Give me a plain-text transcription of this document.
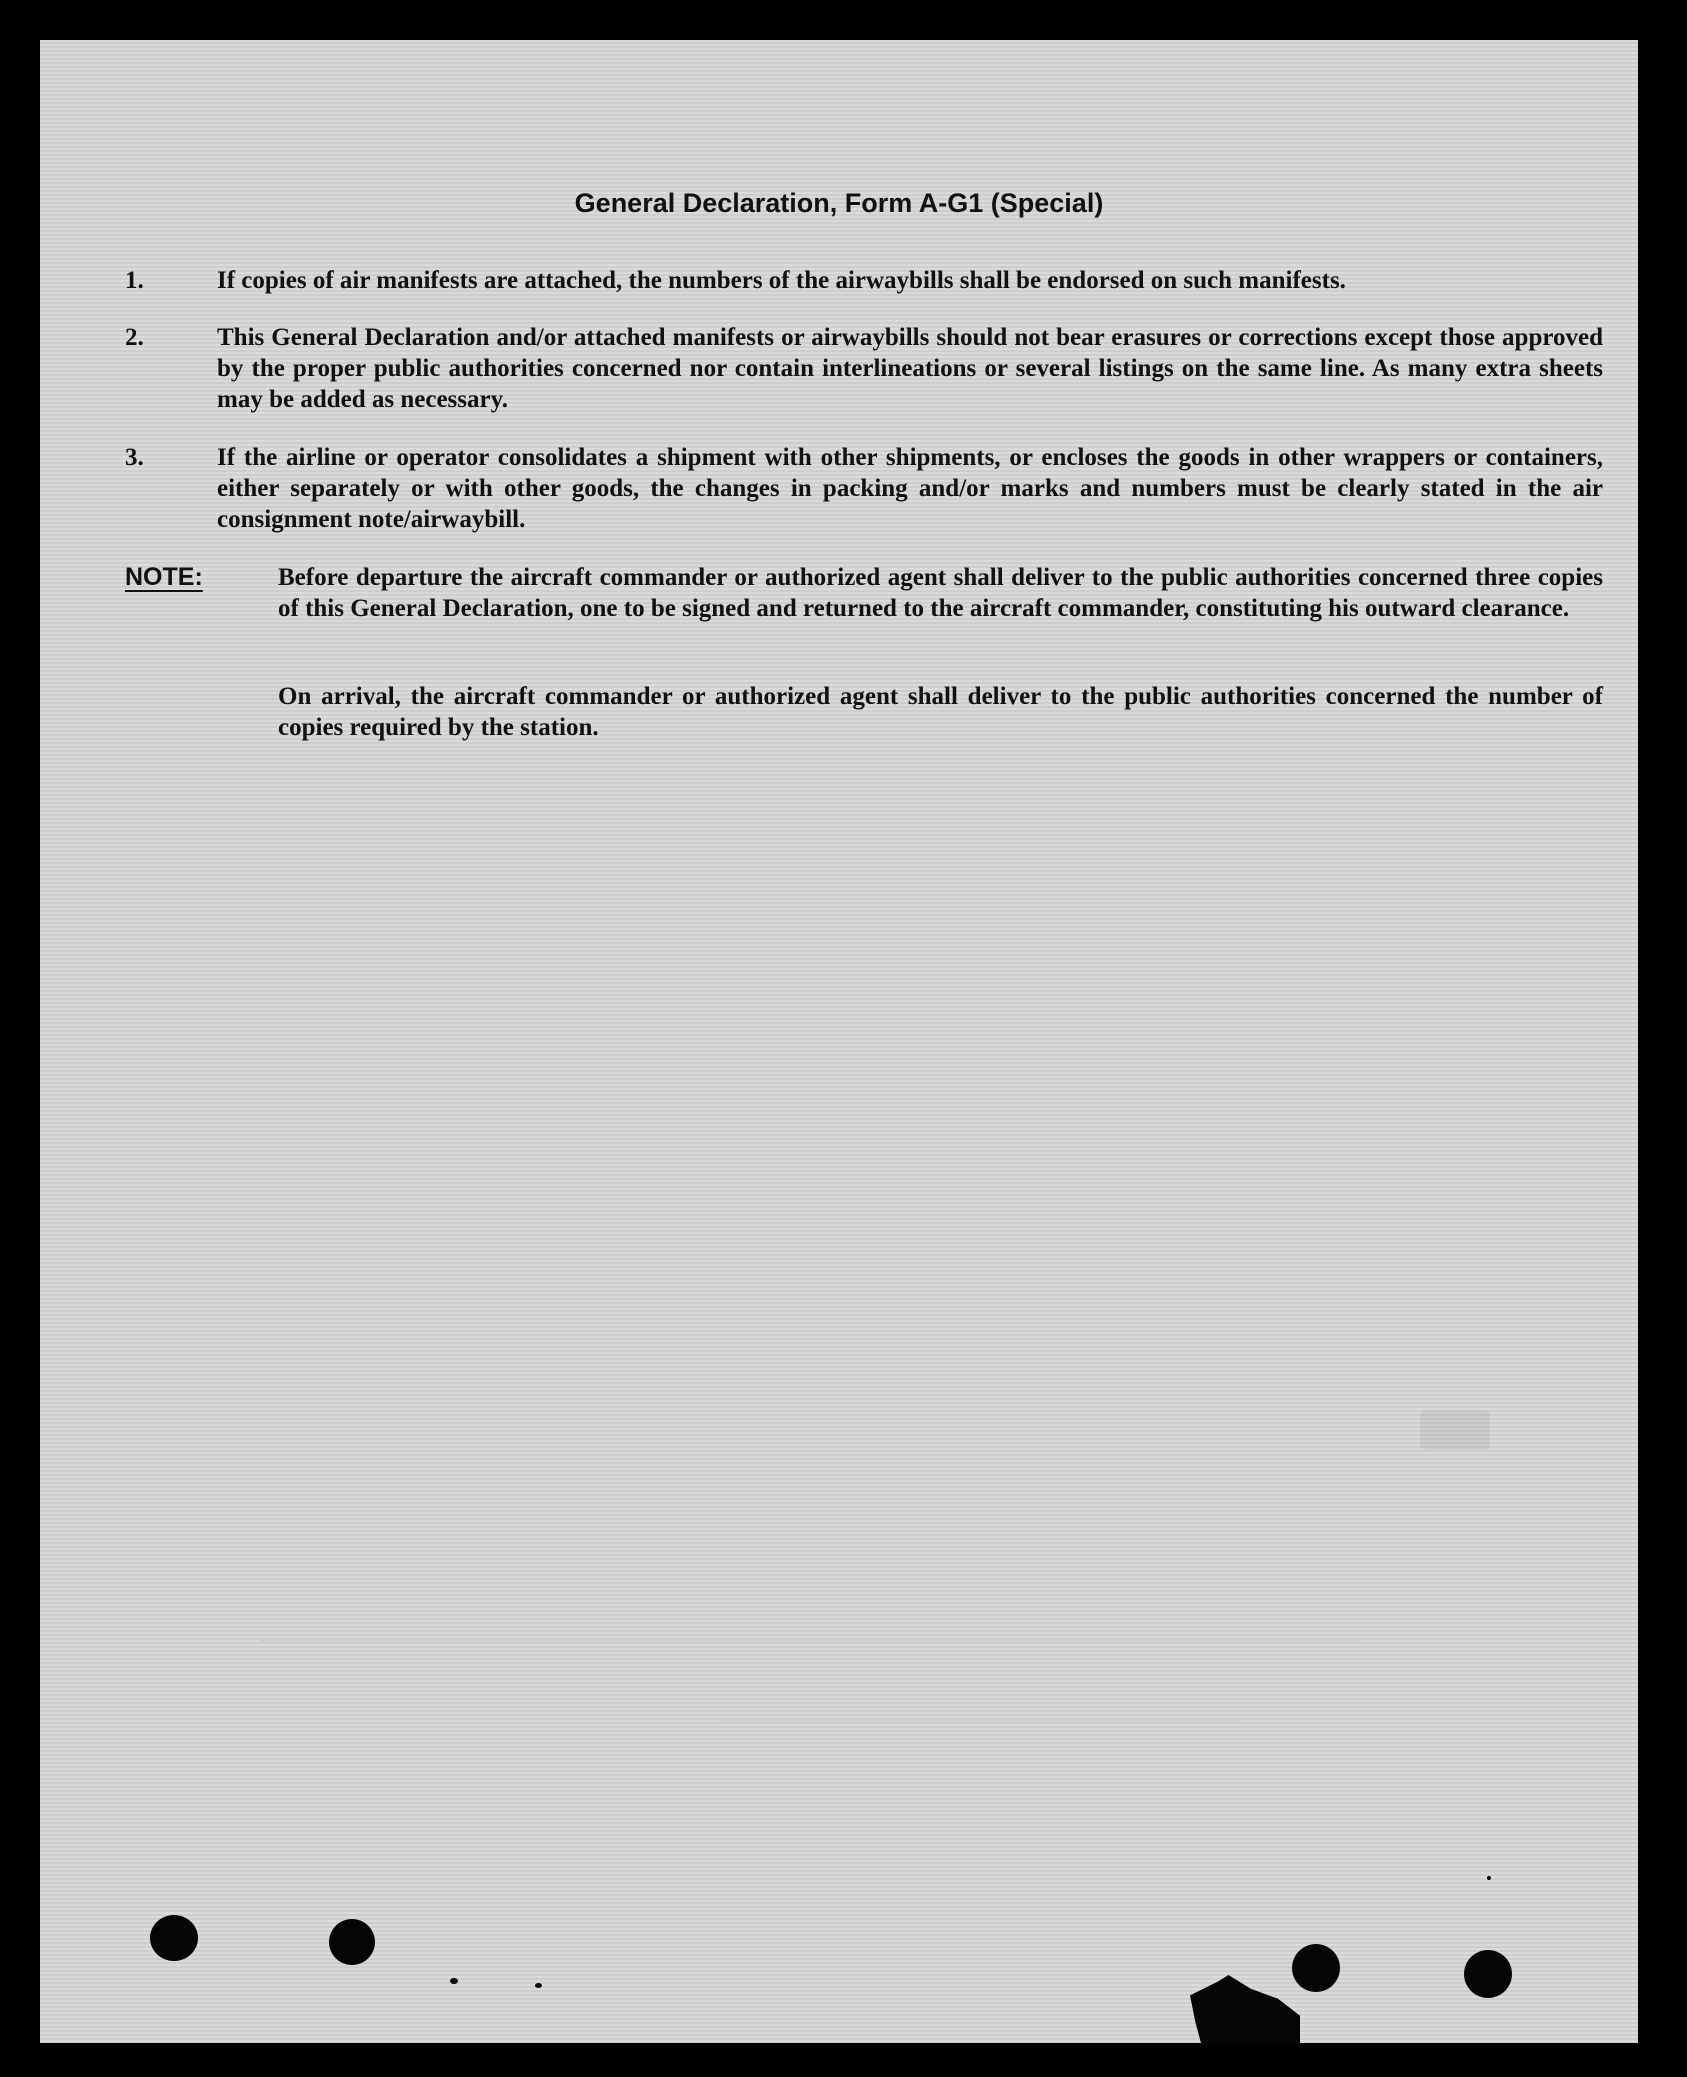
General Declaration, Form A-G1 (Special)
1.	If copies of air manifests are attached, the numbers of the airwaybills shall be endorsed on such manifests.
2.	This General Declaration and/or attached manifests or airwaybills should not bear erasures or corrections except those approved by the proper public authorities concerned nor contain interlineations or several listings on the same line. As many extra sheets may be added as necessary.
3.	If the airline or operator consolidates a shipment with other shipments, or encloses the goods in other wrappers or containers, either separately or with other goods, the changes in packing and/or marks and numbers must be clearly stated in the air consignment note/airwaybill.
NOTE:	Before departure the aircraft commander or authorized agent shall deliver to the public authorities concerned three copies of this General Declaration, one to be signed and returned to the aircraft commander, constituting his outward clearance.
On arrival, the aircraft commander or authorized agent shall deliver to the public authorities concerned the number of copies required by the station.
